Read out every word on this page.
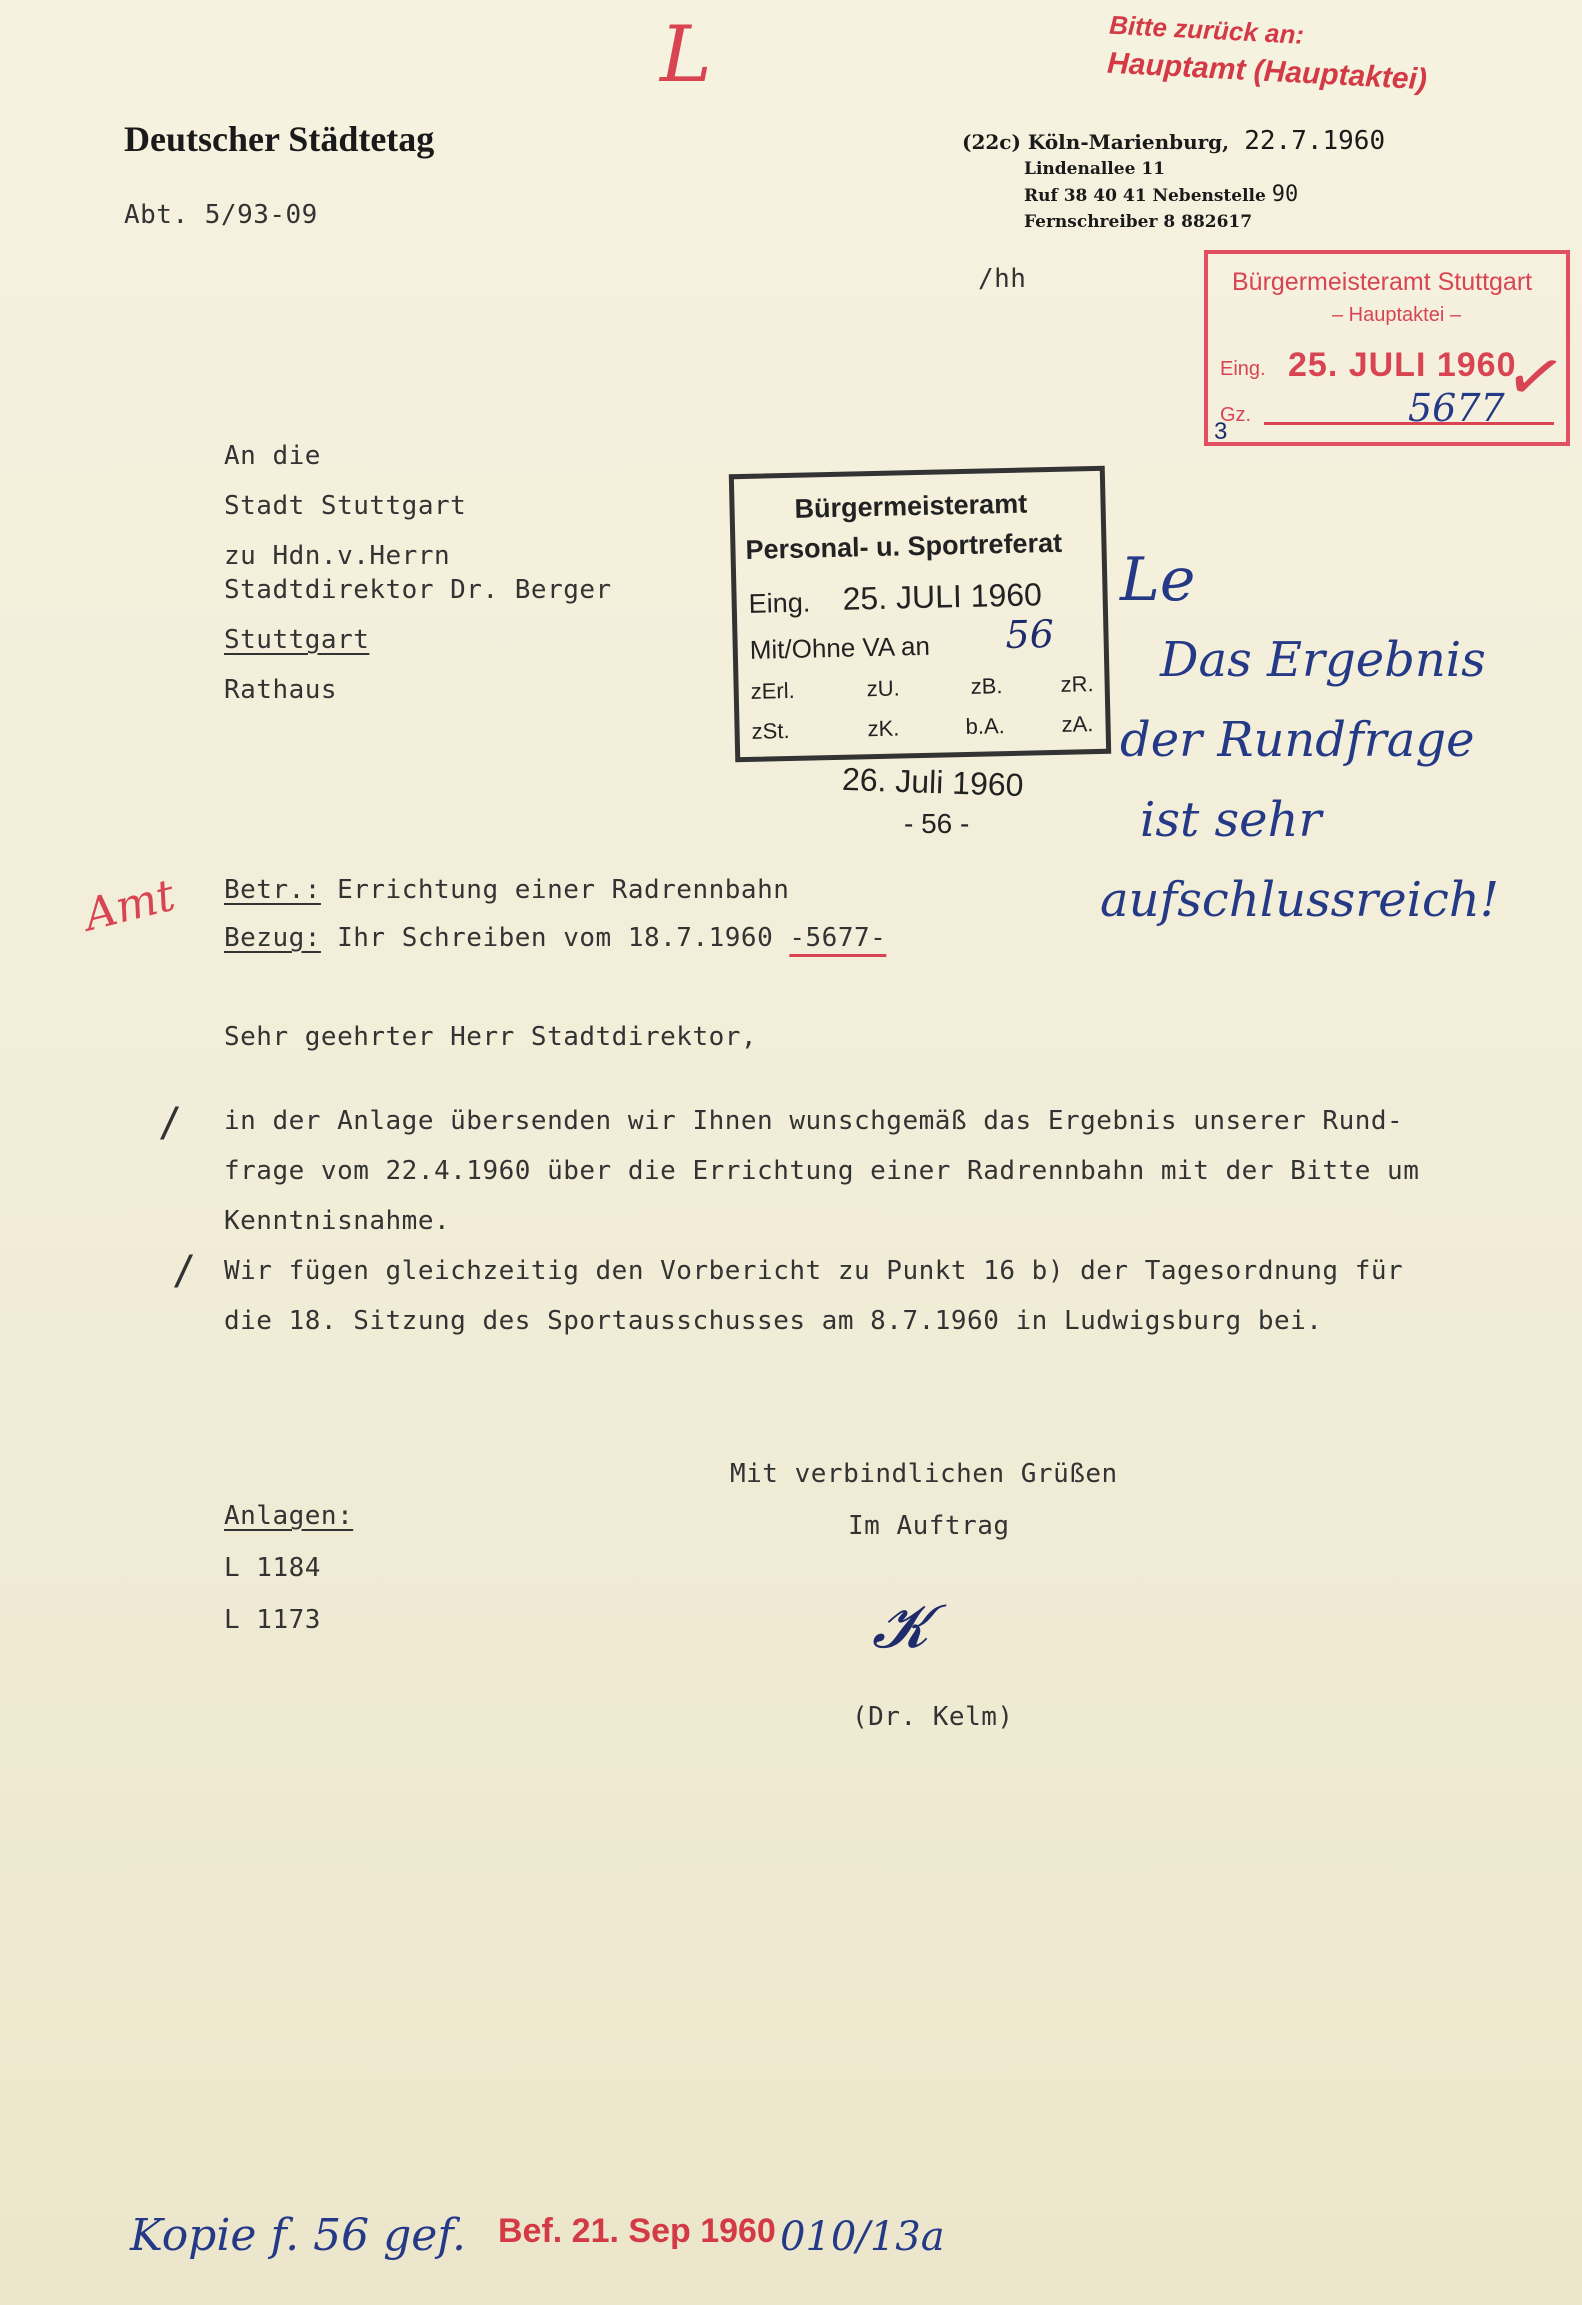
L	Bitte zurück an:
Hauptamt (Hauptaktei)
Deutscher Städtetag
Abt. 5/93-09
(22c) Köln-Marienburg, 22.7.1960
Lindenallee 11
Ruf 38 40 41 Nebenstelle 90
Fernschreiber 8 882617
/hh	Bürgermeisteramt Stuttgart
– Hauptaktei –
Eing. 25. JULI 1960
Gz.	5677
3
✓
An die
Stadt Stuttgart
zu Hdn.v.Herrn
Stadtdirektor Dr. Berger
Stuttgart
Rathaus
Bürgermeisteramt
Personal- u. Sportreferat
Eing. 25. JULI 1960
Mit/Ohne VA an 56
zErl.	zU.	zB.	zR.
zSt.	zK.	b.A.	zA.
26. Juli 1960
- 56 -
Le
Das Ergebnis
der Rundfrage
ist sehr
aufschlussreich!
Amt Betr.: Errichtung einer Radrennbahn
Bezug: Ihr Schreiben vom 18.7.1960 -5677-
Sehr geehrter Herr Stadtdirektor,
in der Anlage übersenden wir Ihnen wunschgemäß das Ergebnis unserer Rund-
frage vom 22.4.1960 über die Errichtung einer Radrennbahn mit der Bitte um
Kenntnisnahme.
Wir fügen gleichzeitig den Vorbericht zu Punkt 16 b) der Tagesordnung für
die 18. Sitzung des Sportausschusses am 8.7.1960 in Ludwigsburg bei.
/
/
Mit verbindlichen Grüßen
Im Auftrag
𝓚
(Dr. Kelm)
Anlagen:
L 1184
L 1173
Kopie f. 56 gef. Bef. 21. Sep 1960 010/13a
